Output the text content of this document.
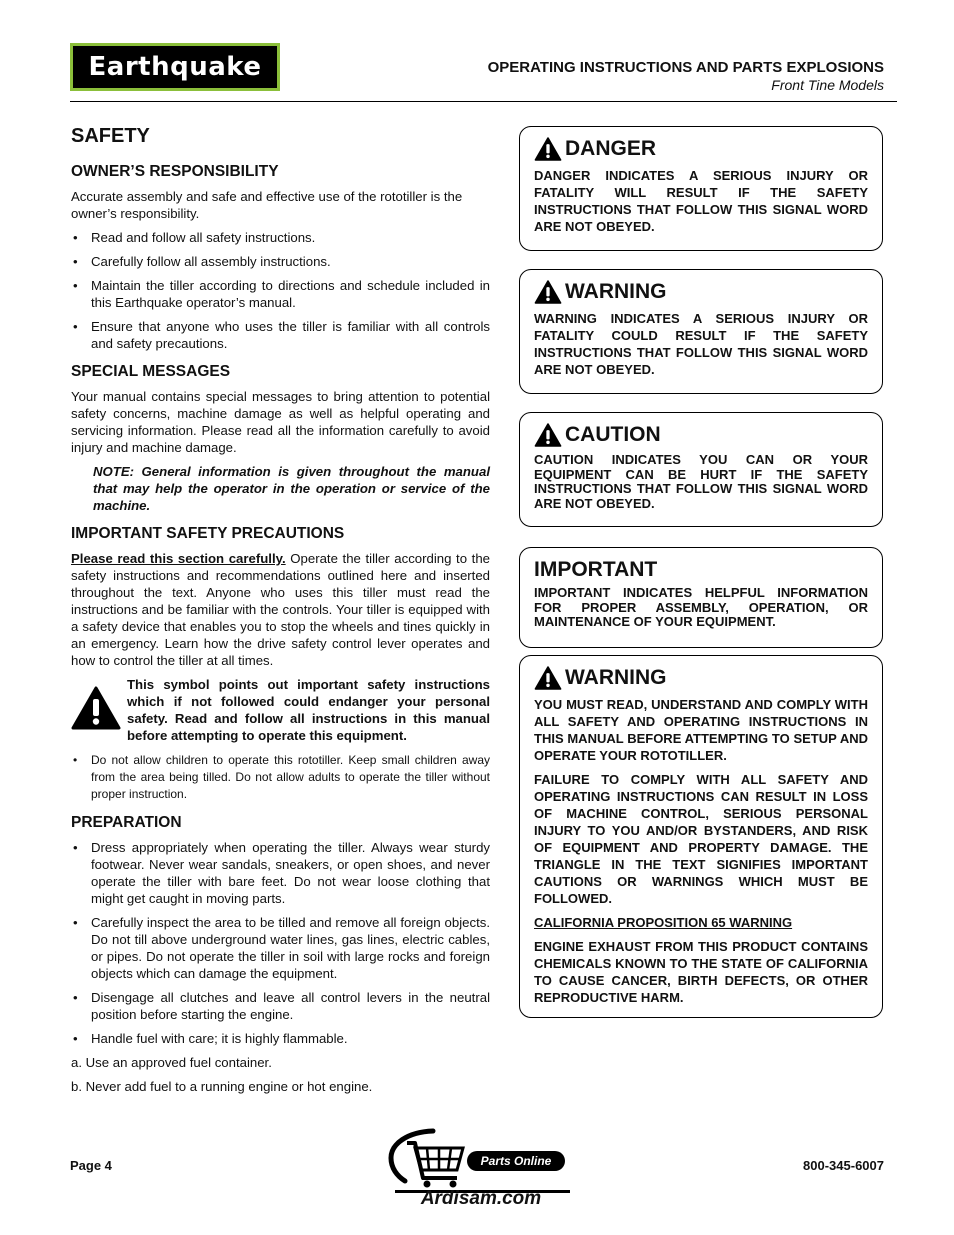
Earthquake	OPERATING INSTRUCTIONS AND PARTS EXPLOSIONS
Front Tine Models
SAFETY
OWNER’S RESPONSIBILITY

Accurate assembly and safe and effective use of the rototiller is the owner’s responsibility.

• Read and follow all safety instructions.
• Carefully follow all assembly instructions.
• Maintain the tiller according to directions and schedule included in this Earthquake operator’s manual.
• Ensure that anyone who uses the tiller is familiar with all controls and safety precautions.
SPECIAL MESSAGES

Your manual contains special messages to bring attention to potential safety concerns, machine damage as well as helpful operating and servicing information. Please read all the information carefully to avoid injury and machine damage.

NOTE: General information is given throughout the manual that may help the operator in the operation or service of the machine.

IMPORTANT SAFETY PRECAUTIONS

Please read this section carefully. Operate the tiller according to the safety instructions and recommendations outlined here and inserted throughout the text. Anyone who uses this tiller must read the instructions and be familiar with the controls. Your tiller is equipped with a safety device that enables you to stop the wheels and tines quickly in an emergency. Learn how the drive safety control lever operates and how to control the tiller at all times.

This symbol points out important safety instructions which if not followed could endanger your personal safety. Read and follow all instructions in this manual before attempting to operate this equipment.
• Do not allow children to operate this rototiller. Keep small children away from the area being tilled. Do not allow adults to operate the tiller without proper instruction.
PREPARATION
• Dress appropriately when operating the tiller. Always wear sturdy footwear. Never wear sandals, sneakers, or open shoes, and never operate the tiller with bare feet. Do not wear loose clothing that might get caught in moving parts.
• Carefully inspect the area to be tilled and remove all foreign objects. Do not till above underground water lines, gas lines, electric cables, or pipes. Do not operate the tiller in soil with large rocks and foreign objects which can damage the equipment.
• Disengage all clutches and leave all control levers in the neutral position before starting the engine.
• Handle fuel with care; it is highly flammable.

a. Use an approved fuel container.

b. Never add fuel to a running engine or hot engine.

DANGER

DANGER INDICATES A SERIOUS INJURY OR FATALITY WILL RESULT IF THE SAFETY INSTRUCTIONS THAT FOLLOW THIS SIGNAL WORD ARE NOT OBEYED.

WARNING

WARNING INDICATES A SERIOUS INJURY OR FATALITY COULD RESULT IF THE SAFETY INSTRUCTIONS THAT FOLLOW THIS SIGNAL WORD ARE NOT OBEYED.

CAUTION

CAUTION INDICATES YOU CAN OR YOUR EQUIPMENT CAN BE HURT IF THE SAFETY INSTRUCTIONS THAT FOLLOW THIS SIGNAL WORD ARE NOT OBEYED.

IMPORTANT

IMPORTANT INDICATES HELPFUL INFORMATION FOR PROPER ASSEMBLY, OPERATION, OR MAINTENANCE OF YOUR EQUIPMENT.

WARNING

YOU MUST READ, UNDERSTAND AND COMPLY WITH ALL SAFETY AND OPERATING INSTRUCTIONS IN THIS MANUAL BEFORE ATTEMPTING TO SETUP AND OPERATE YOUR ROTOTILLER.

FAILURE TO COMPLY WITH ALL SAFETY AND OPERATING INSTRUCTIONS CAN RESULT IN LOSS OF MACHINE CONTROL, SERIOUS PERSONAL INJURY TO YOU AND/OR BYSTANDERS, AND RISK OF EQUIPMENT AND PROPERTY DAMAGE. THE TRIANGLE IN THE TEXT SIGNIFIES IMPORTANT CAUTIONS OR WARNINGS WHICH MUST BE FOLLOWED.

CALIFORNIA PROPOSITION 65 WARNING

ENGINE EXHAUST FROM THIS PRODUCT CONTAINS CHEMICALS KNOWN TO THE STATE OF CALIFORNIA TO CAUSE CANCER, BIRTH DEFECTS, OR OTHER REPRODUCTIVE HARM.

Page 4	800-345-6007
Parts Online
Ardisam.com
